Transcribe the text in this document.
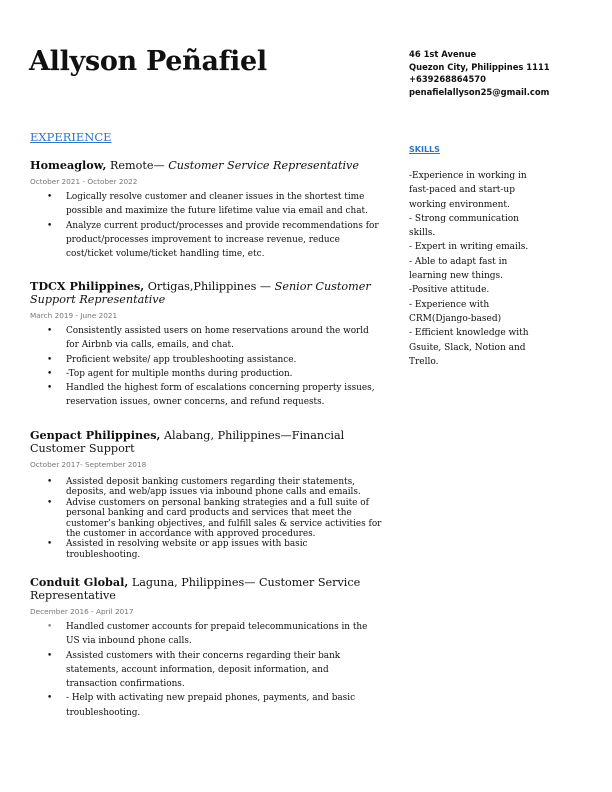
Allyson Peñafiel	46 1st Avenue
Quezon City, Philippines 1111
+639268864570
penafielallyson25@gmail.com
EXPERIENCE
SKILLS
-Experience in working in fast-paced and start-up working environment.
- Strong communication skills.
- Expert in writing emails.
- Able to adapt fast in learning new things.
-Positive attitude.
- Experience with CRM(Django-based)
- Efficient knowledge with Gsuite, Slack, Notion and Trello.
Homeaglow, Remote— Customer Service Representative
October 2021 - October 2022
• Logically resolve customer and cleaner issues in the shortest time possible and maximize the future lifetime value via email and chat.
• Analyze current product/processes and provide recommendations for product/processes improvement to increase revenue, reduce cost/ticket volume/ticket handling time, etc.
TDCX Philippines, Ortigas,Philippines — Senior Customer Support Representative
March 2019 - June 2021
• Consistently assisted users on home reservations around the world for Airbnb via calls, emails, and chat.
• Proficient website/ app troubleshooting assistance.
• -Top agent for multiple months during production.
• Handled the highest form of escalations concerning property issues, reservation issues, owner concerns, and refund requests.
Genpact Philippines, Alabang, Philippines—Financial Customer Support
October 2017- September 2018
• Assisted deposit banking customers regarding their statements, deposits, and web/app issues via inbound phone calls and emails.
• Advise customers on personal banking strategies and a full suite of personal banking and card products and services that meet the customer’s banking objectives, and fulfill sales & service activities for the customer in accordance with approved procedures.
• Assisted in resolving website or app issues with basic troubleshooting.
Conduit Global, Laguna, Philippines— Customer Service Representative
December 2016 - April 2017
• Handled customer accounts for prepaid telecommunications in the US via inbound phone calls.
• Assisted customers with their concerns regarding their bank statements, account information, deposit information, and transaction confirmations.
• - Help with activating new prepaid phones, payments, and basic troubleshooting.
